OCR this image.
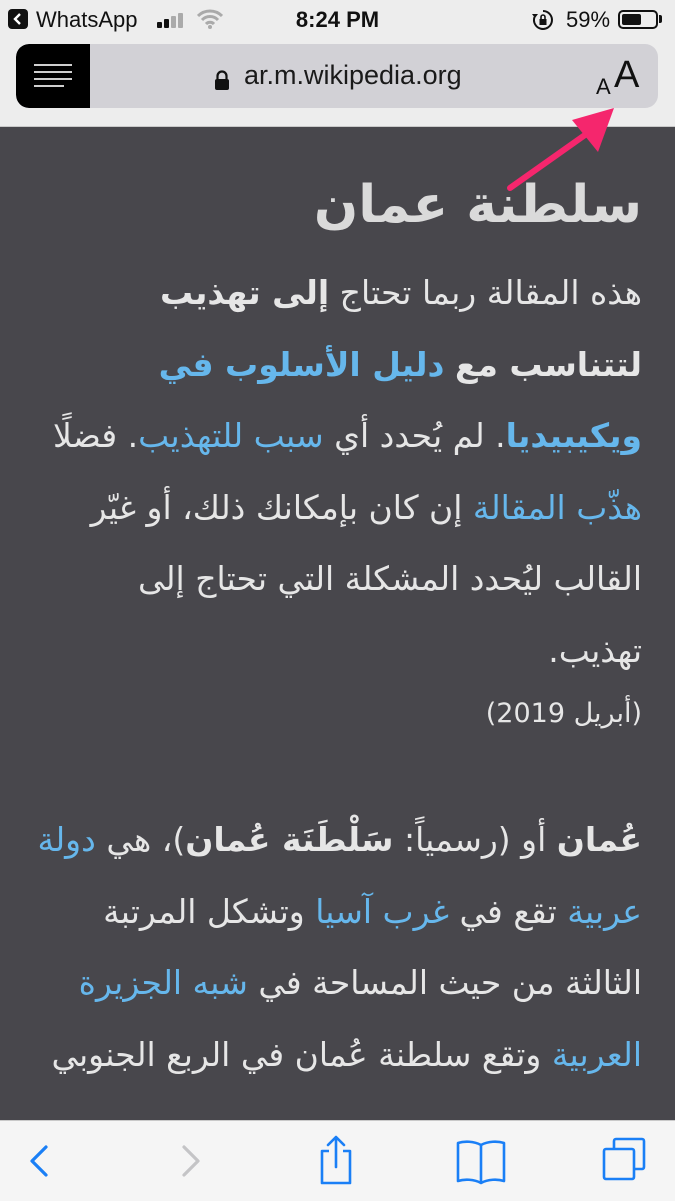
WhatsApp	8:24 PM	59%
ar.m.wikipedia.org	A A
سلطنة عمان
هذه المقالة ربما تحتاج إلى تهذيب لتتناسب مع دليل الأسلوب في ويكيبيديا. لم يُحدد أي سبب للتهذيب. فضلًا هذّب المقالة إن كان بإمكانك ذلك، أو غيّر القالب ليُحدد المشكلة التي تحتاج إلى تهذيب.
(أبريل 2019)
عُمان أو (رسمياً: سَلْطَنَة عُمان)، هي دولة عربية تقع في غرب آسيا وتشكل المرتبة الثالثة من حيث المساحة في شبه الجزيرة العربية وتقع سلطنة عُمان في الربع الجنوبي
